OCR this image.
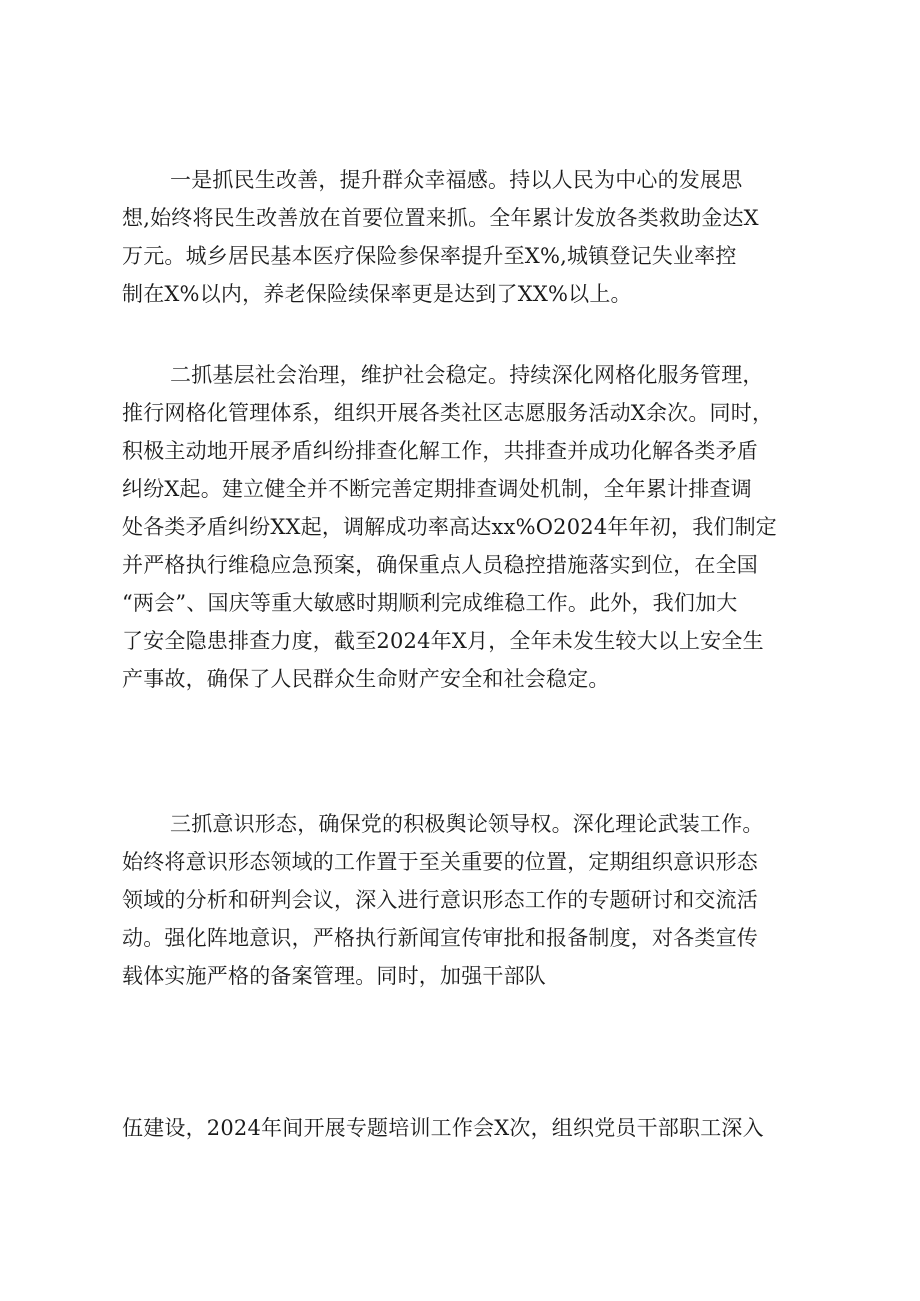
一是抓民生改善，提升群众幸福感。持以人民为中心的发展思
想,始终将民生改善放在首要位置来抓。全年累计发放各类救助金达X
万元。城乡居民基本医疗保险参保率提升至X%,城镇登记失业率控
制在X%以内，养老保险续保率更是达到了XX%以上。
二抓基层社会治理，维护社会稳定。持续深化网格化服务管理，
推行网格化管理体系，组织开展各类社区志愿服务活动X余次。同时，
积极主动地开展矛盾纠纷排查化解工作，共排查并成功化解各类矛盾
纠纷X起。建立健全并不断完善定期排查调处机制，全年累计排查调
处各类矛盾纠纷XX起，调解成功率高达xx%O2024年年初，我们制定
并严格执行维稳应急预案，确保重点人员稳控措施落实到位，在全国
“两会”、国庆等重大敏感时期顺利完成维稳工作。此外，我们加大
了安全隐患排查力度，截至2024年X月，全年未发生较大以上安全生
产事故，确保了人民群众生命财产安全和社会稳定。
三抓意识形态，确保党的积极舆论领导权。深化理论武装工作。
始终将意识形态领域的工作置于至关重要的位置，定期组织意识形态
领域的分析和研判会议，深入进行意识形态工作的专题研讨和交流活
动。强化阵地意识，严格执行新闻宣传审批和报备制度，对各类宣传
载体实施严格的备案管理。同时，加强干部队
伍建设，2024年间开展专题培训工作会X次，组织党员干部职工深入
